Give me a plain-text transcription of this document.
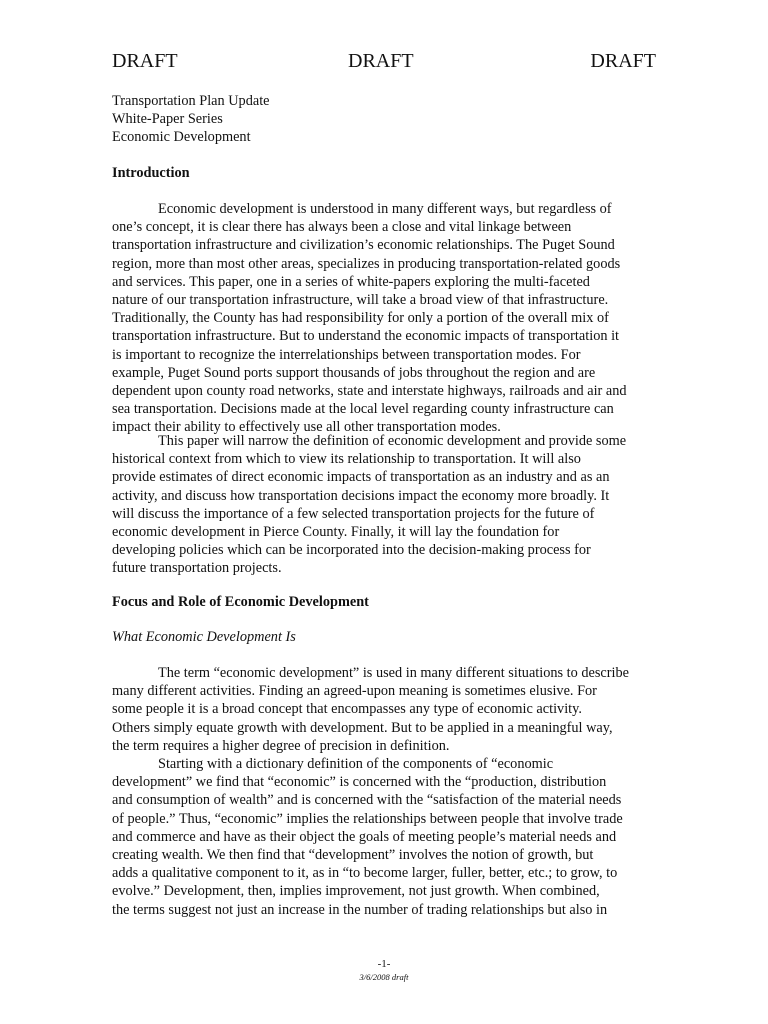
DRAFT	DRAFT	DRAFT
Transportation Plan Update
White-Paper Series
Economic Development
Introduction
Economic development is understood in many different ways, but regardless of
one’s concept, it is clear there has always been a close and vital linkage between
transportation infrastructure and civilization’s economic relationships. The Puget Sound
region, more than most other areas, specializes in producing transportation-related goods
and services. This paper, one in a series of white-papers exploring the multi-faceted
nature of our transportation infrastructure, will take a broad view of that infrastructure.
Traditionally, the County has had responsibility for only a portion of the overall mix of
transportation infrastructure. But to understand the economic impacts of transportation it
is important to recognize the interrelationships between transportation modes. For
example, Puget Sound ports support thousands of jobs throughout the region and are
dependent upon county road networks, state and interstate highways, railroads and air and
sea transportation. Decisions made at the local level regarding county infrastructure can
impact their ability to effectively use all other transportation modes.
This paper will narrow the definition of economic development and provide some
historical context from which to view its relationship to transportation. It will also
provide estimates of direct economic impacts of transportation as an industry and as an
activity, and discuss how transportation decisions impact the economy more broadly. It
will discuss the importance of a few selected transportation projects for the future of
economic development in Pierce County. Finally, it will lay the foundation for
developing policies which can be incorporated into the decision-making process for
future transportation projects.
Focus and Role of Economic Development
What Economic Development Is
The term “economic development” is used in many different situations to describe
many different activities. Finding an agreed-upon meaning is sometimes elusive. For
some people it is a broad concept that encompasses any type of economic activity.
Others simply equate growth with development. But to be applied in a meaningful way,
the term requires a higher degree of precision in definition.
Starting with a dictionary definition of the components of “economic
development” we find that “economic” is concerned with the “production, distribution
and consumption of wealth” and is concerned with the “satisfaction of the material needs
of people.” Thus, “economic” implies the relationships between people that involve trade
and commerce and have as their object the goals of meeting people’s material needs and
creating wealth. We then find that “development” involves the notion of growth, but
adds a qualitative component to it, as in “to become larger, fuller, better, etc.; to grow, to
evolve.” Development, then, implies improvement, not just growth. When combined,
the terms suggest not just an increase in the number of trading relationships but also in
-1-
3/6/2008 draft
